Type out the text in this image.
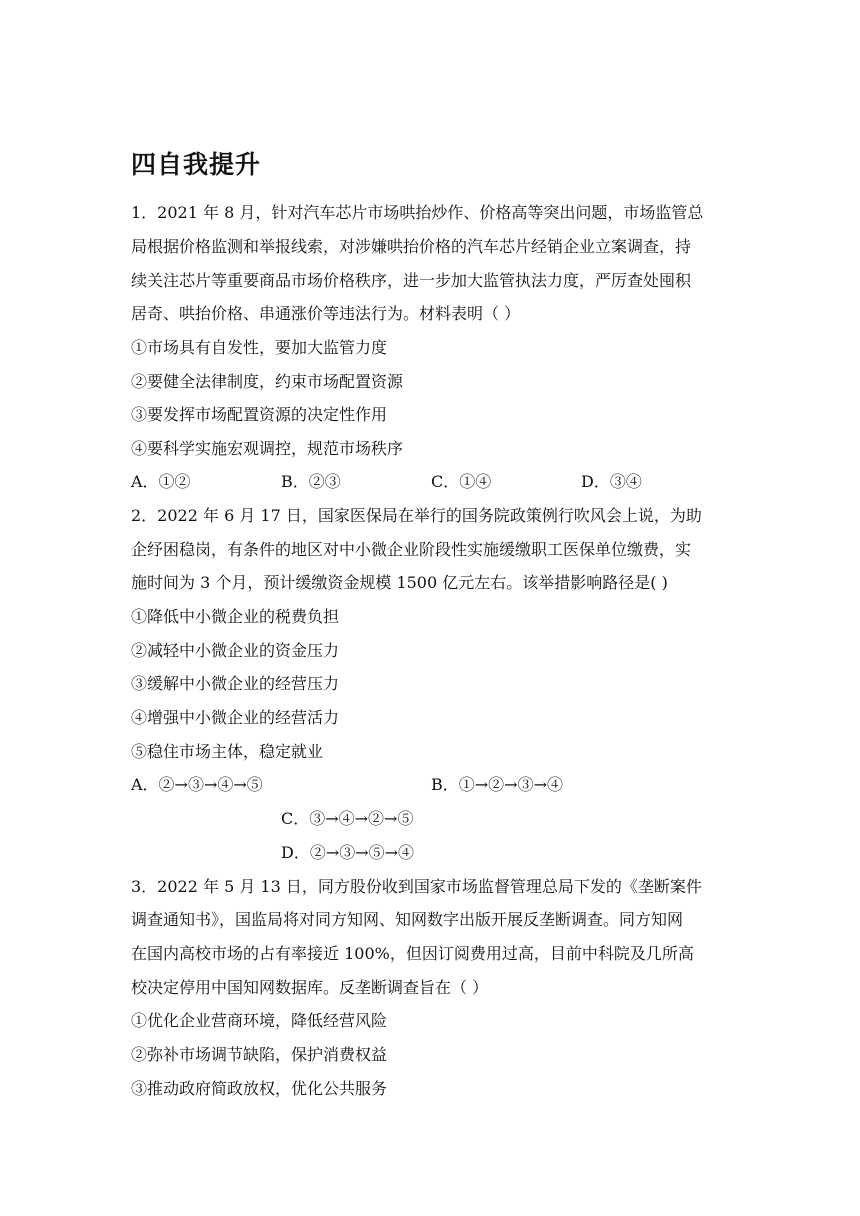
四自我提升
1．2021 年 8 月，针对汽车芯片市场哄抬炒作、价格高等突出问题，市场监管总
局根据价格监测和举报线索，对涉嫌哄抬价格的汽车芯片经销企业立案调查，持
续关注芯片等重要商品市场价格秩序，进一步加大监管执法力度，严厉查处囤积
居奇、哄抬价格、串通涨价等违法行为。材料表明（ ）
①市场具有自发性，要加大监管力度
②要健全法律制度，约束市场配置资源
③要发挥市场配置资源的决定性作用
④要科学实施宏观调控，规范市场秩序
A．①②	B．②③	C．①④	D．③④
2．2022 年 6 月 17 日，国家医保局在举行的国务院政策例行吹风会上说，为助
企纾困稳岗，有条件的地区对中小微企业阶段性实施缓缴职工医保单位缴费，实
施时间为 3 个月，预计缓缴资金规模 1500 亿元左右。该举措影响路径是( )
①降低中小微企业的税费负担
②减轻中小微企业的资金压力
③缓解中小微企业的经营压力
④增强中小微企业的经营活力
⑤稳住市场主体，稳定就业
A．②→③→④→⑤	B．①→②→③→④
C．③→④→②→⑤
D．②→③→⑤→④
3．2022 年 5 月 13 日，同方股份收到国家市场监督管理总局下发的《垄断案件
调查通知书》，国监局将对同方知网、知网数字出版开展反垄断调查。同方知网
在国内高校市场的占有率接近 100%，但因订阅费用过高，目前中科院及几所高
校决定停用中国知网数据库。反垄断调查旨在（ ）
①优化企业营商环境，降低经营风险
②弥补市场调节缺陷，保护消费权益
③推动政府简政放权，优化公共服务
